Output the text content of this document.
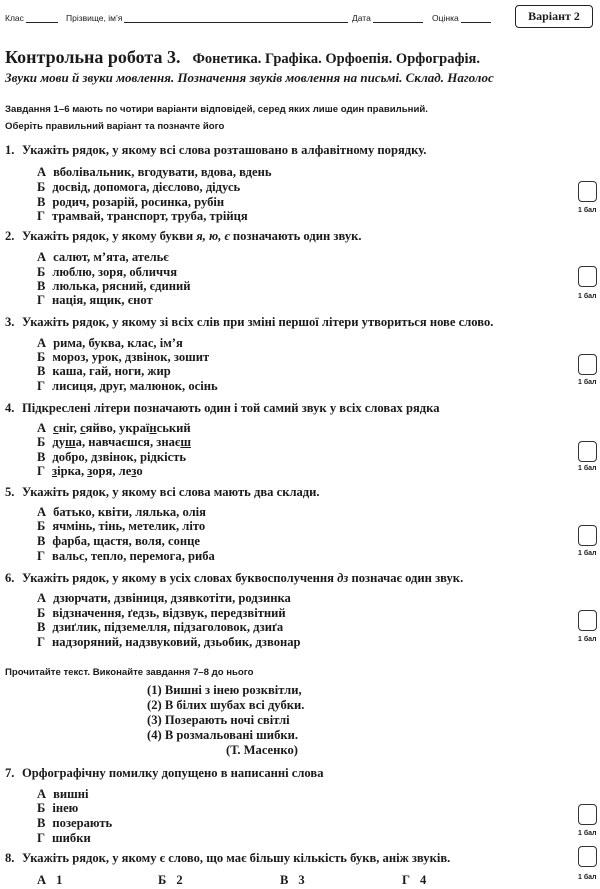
Клас	Прізвище, ім’я	Дата	Оцінка	Варіант 2
Контрольна робота 3. Фонетика. Графіка. Орфоепія. Орфографія.
Звуки мови й звуки мовлення. Позначення звуків мовлення на письмі. Склад. Наголос
Завдання 1–6 мають по чотири варіанти відповідей, серед яких лише один правильний.
Оберіть правильний варіант та позначте його
1. Укажіть рядок, у якому всі слова розташовано в алфавітному порядку.
А вболівальник, вгодувати, вдова, вдень
Б досвід, допомога, дієслово, дідусь
В родич, розарій, росинка, рубін
Г трамвай, транспорт, труба, трійця	1 бал
2. Укажіть рядок, у якому букви я, ю, є позначають один звук.
А салют, м’ята, ательє
Б люблю, зоря, обличчя
В люлька, рясний, єдиний
Г нація, ящик, єнот	1 бал
3. Укажіть рядок, у якому зі всіх слів при зміні першої літери утвориться нове слово.
А рима, буква, клас, ім’я
Б мороз, урок, дзвінок, зошит
В каша, гай, ноги, жир
Г лисиця, друг, малюнок, осінь	1 бал
4. Підкреслені літери позначають один і той самий звук у всіх словах рядка
А сніг, сяйво, український
Б душа, навчаєшся, знаєш
В добро, дзвінок, рідкість
Г зірка, зоря, лезо	1 бал
5. Укажіть рядок, у якому всі слова мають два склади.
А батько, квіти, лялька, олія
Б ячмінь, тінь, метелик, літо
В фарба, щастя, воля, сонце
Г вальс, тепло, перемога, риба	1 бал
6. Укажіть рядок, у якому в усіх словах буквосполучення дз позначає один звук.
А дзюрчати, дзвіниця, дзявкотіти, родзинка
Б відзначення, ґедзь, відзвук, передзвітний
В дзиґлик, підземелля, підзаголовок, дзиґа
Г надзоряний, надзвуковий, дзьобик, дзвонар	1 бал
7. Орфографічну помилку допущено в написанні слова
А вишні
Б інею
В позерають
Г шибки	1 бал
8. Укажіть рядок, у якому є слово, що має більшу кількість букв, аніж звуків.
А 1	Б 2	В 3	Г 4	1 бал
Прочитайте текст. Виконайте завдання 7–8 до нього
(1) Вишні з інею розквітли,
(2) В білих шубах всі дубки.
(3) Позерають ночі світлі
(4) В розмальовані шибки.
(Т. Масенко)
